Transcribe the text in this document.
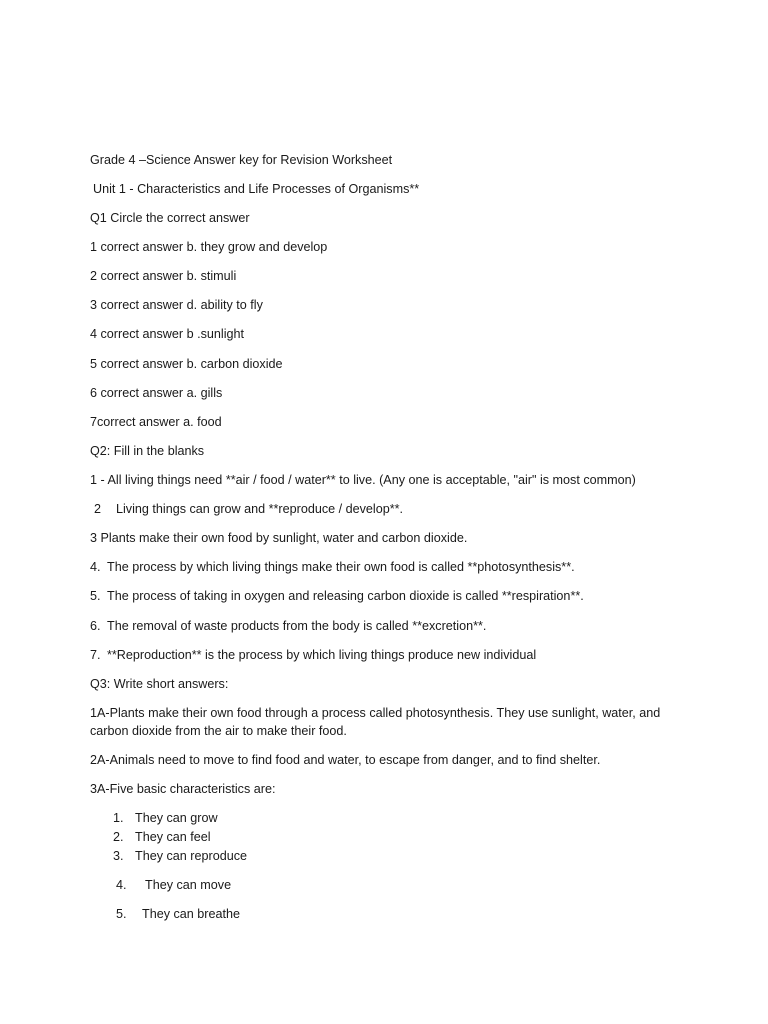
Grade 4 –Science Answer key for Revision Worksheet
Unit 1 - Characteristics and Life Processes of Organisms**
Q1 Circle the correct answer
1 correct answer b. they grow and develop
2 correct answer b. stimuli
3 correct answer d. ability to fly
4 correct answer b .sunlight
5 correct answer b. carbon dioxide
6 correct answer a. gills
7correct answer a. food
Q2: Fill in the blanks
1 - All living things need **air / food / water** to live. (Any one is acceptable, "air" is most common)
2 Living things can grow and **reproduce / develop**.
3 Plants make their own food by sunlight, water and carbon dioxide.
4. The process by which living things make their own food is called **photosynthesis**.
5. The process of taking in oxygen and releasing carbon dioxide is called **respiration**.
6. The removal of waste products from the body is called **excretion**.
7. **Reproduction** is the process by which living things produce new individual
Q3: Write short answers:
1A-Plants make their own food through a process called photosynthesis. They use sunlight, water, and carbon dioxide from the air to make their food.
2A-Animals need to move to find food and water, to escape from danger, and to find shelter.
3A-Five basic characteristics are:
1. They can grow
2. They can feel
3. They can reproduce
4. They can move
5. They can breathe
